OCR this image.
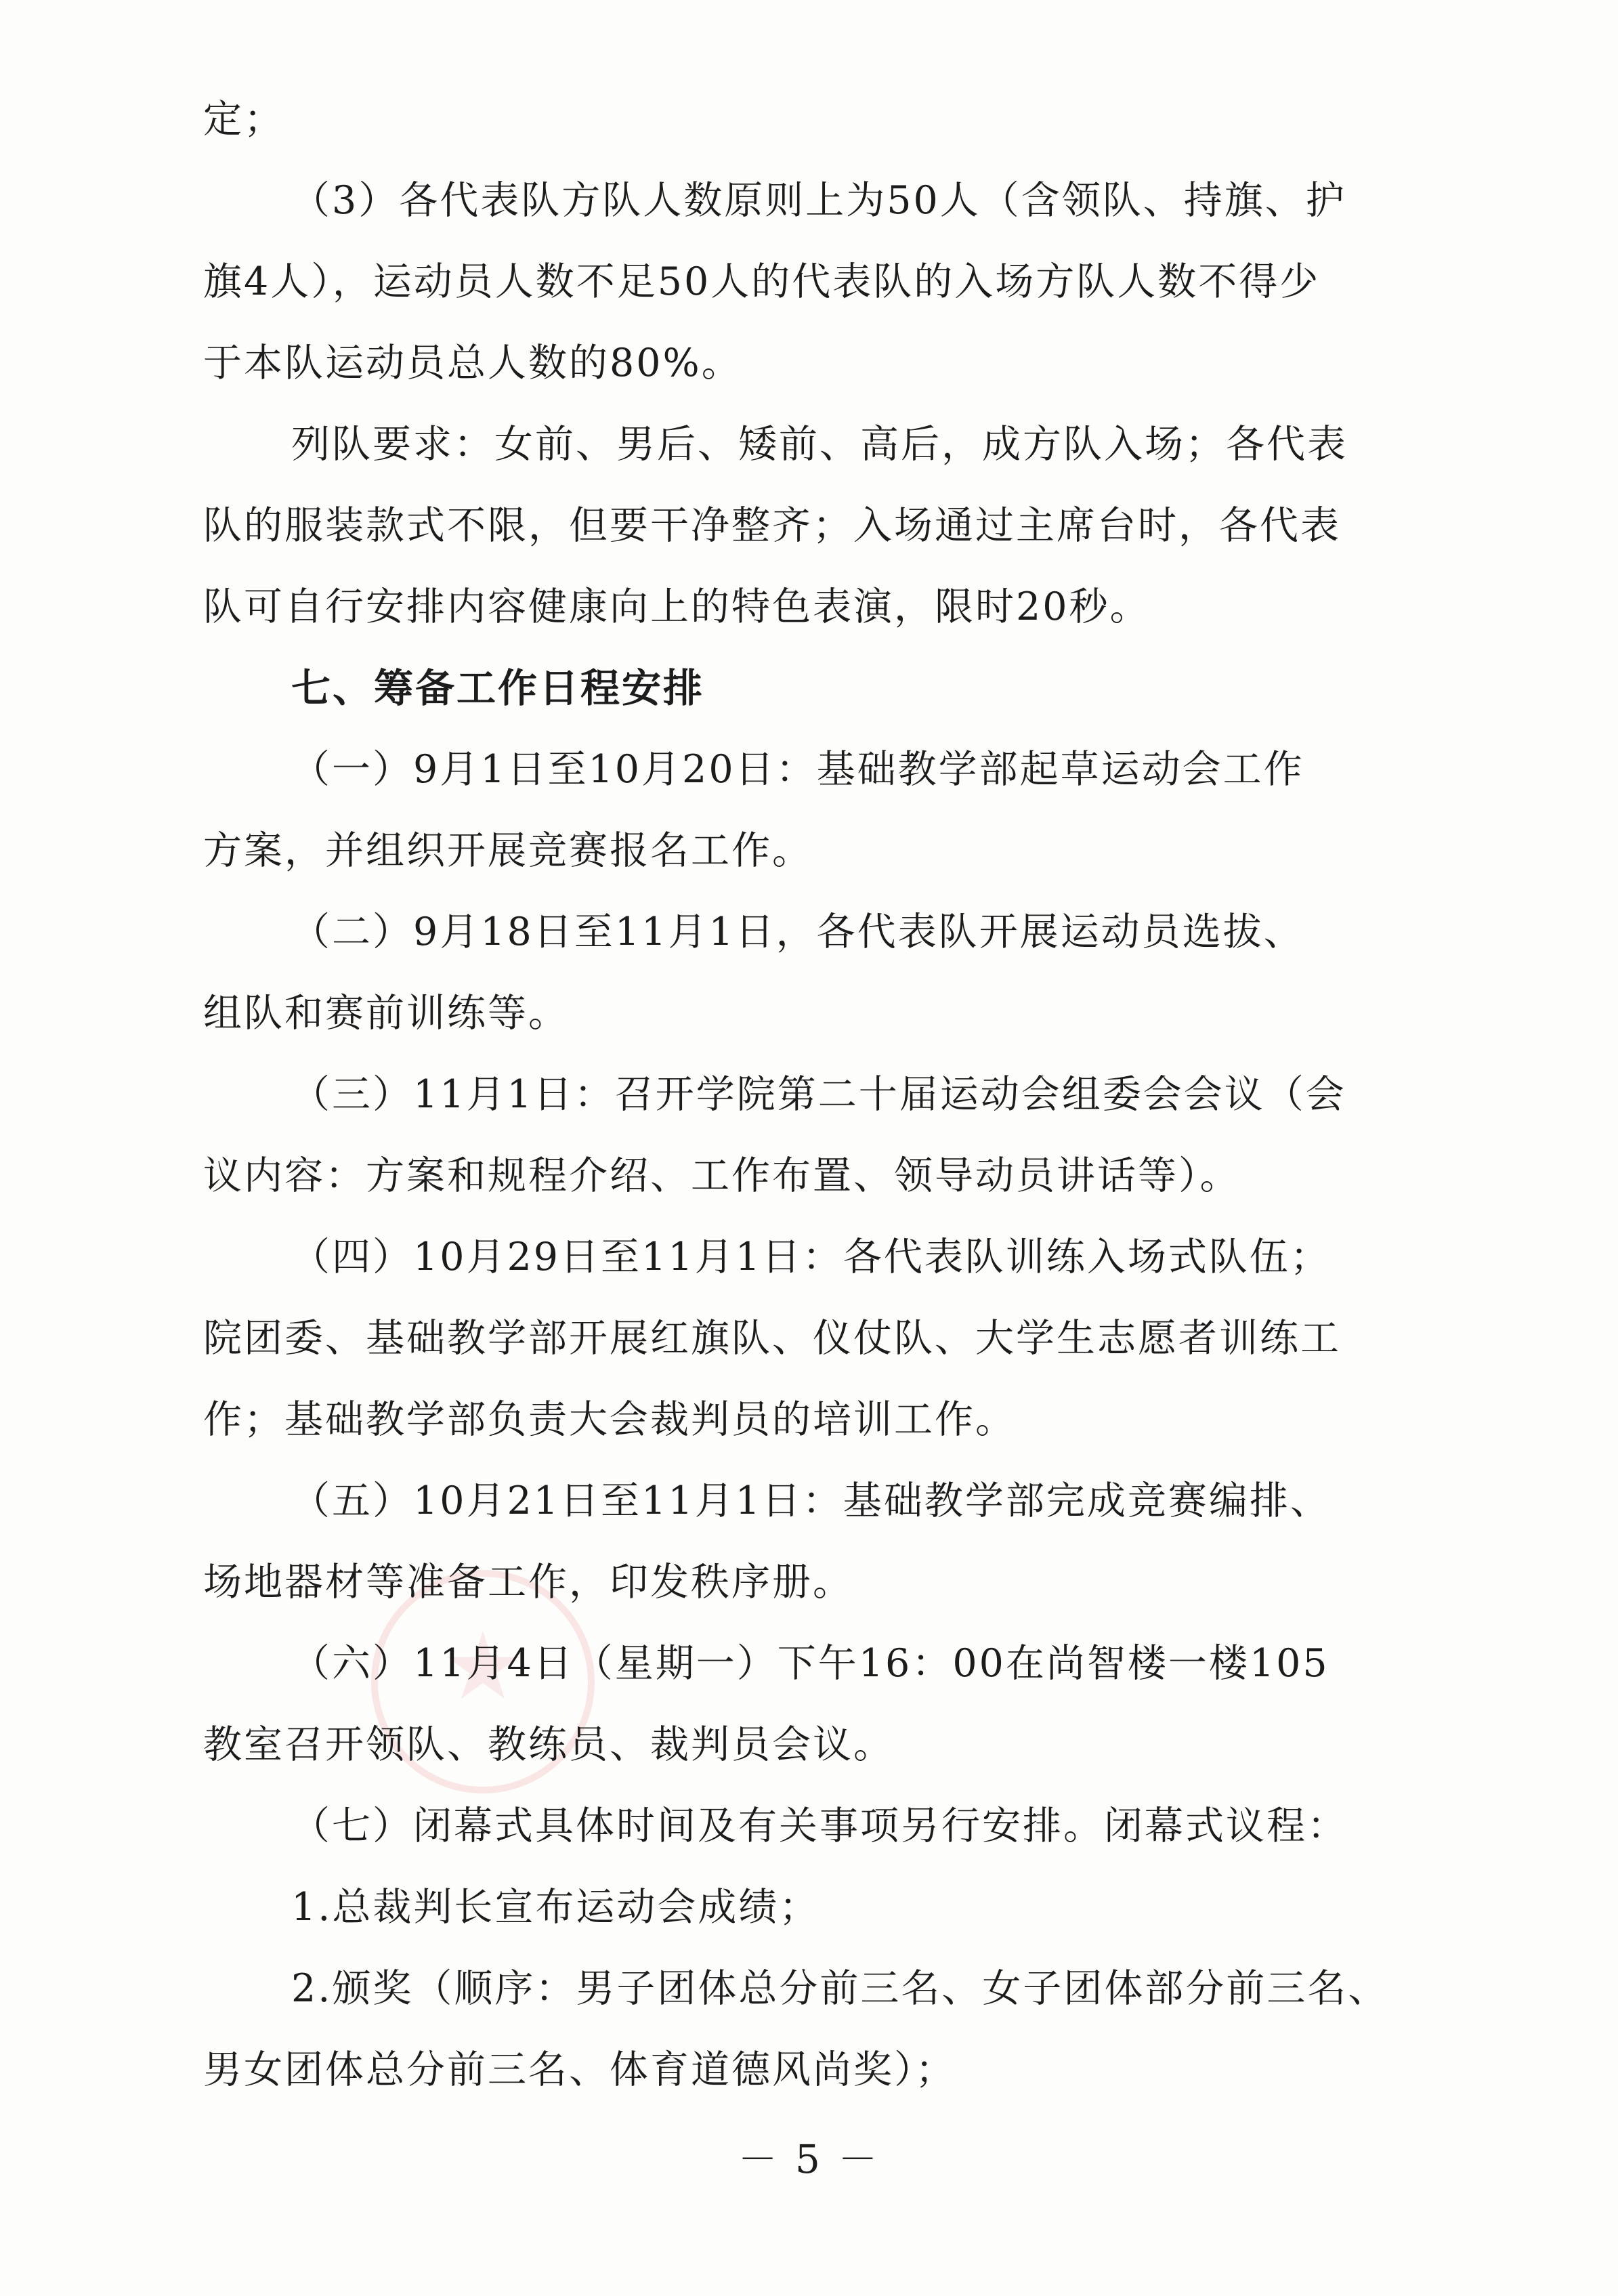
定；
（3）各代表队方队人数原则上为50人（含领队、持旗、护
旗4人），运动员人数不足50人的代表队的入场方队人数不得少
于本队运动员总人数的80%。
列队要求：女前、男后、矮前、高后，成方队入场；各代表
队的服装款式不限，但要干净整齐；入场通过主席台时，各代表
队可自行安排内容健康向上的特色表演，限时20秒。
七、筹备工作日程安排
（一）9月1日至10月20日：基础教学部起草运动会工作
方案，并组织开展竞赛报名工作。
（二）9月18日至11月1日，各代表队开展运动员选拔、
组队和赛前训练等。
（三）11月1日：召开学院第二十届运动会组委会会议（会
议内容：方案和规程介绍、工作布置、领导动员讲话等）。
（四）10月29日至11月1日：各代表队训练入场式队伍；
院团委、基础教学部开展红旗队、仪仗队、大学生志愿者训练工
作；基础教学部负责大会裁判员的培训工作。
（五）10月21日至11月1日：基础教学部完成竞赛编排、
场地器材等准备工作，印发秩序册。
（六）11月4日（星期一）下午16：00在尚智楼一楼105
教室召开领队、教练员、裁判员会议。
（七）闭幕式具体时间及有关事项另行安排。闭幕式议程：
1.总裁判长宣布运动会成绩；
2.颁奖（顺序：男子团体总分前三名、女子团体部分前三名、
男女团体总分前三名、体育道德风尚奖）；
－ 5 －
